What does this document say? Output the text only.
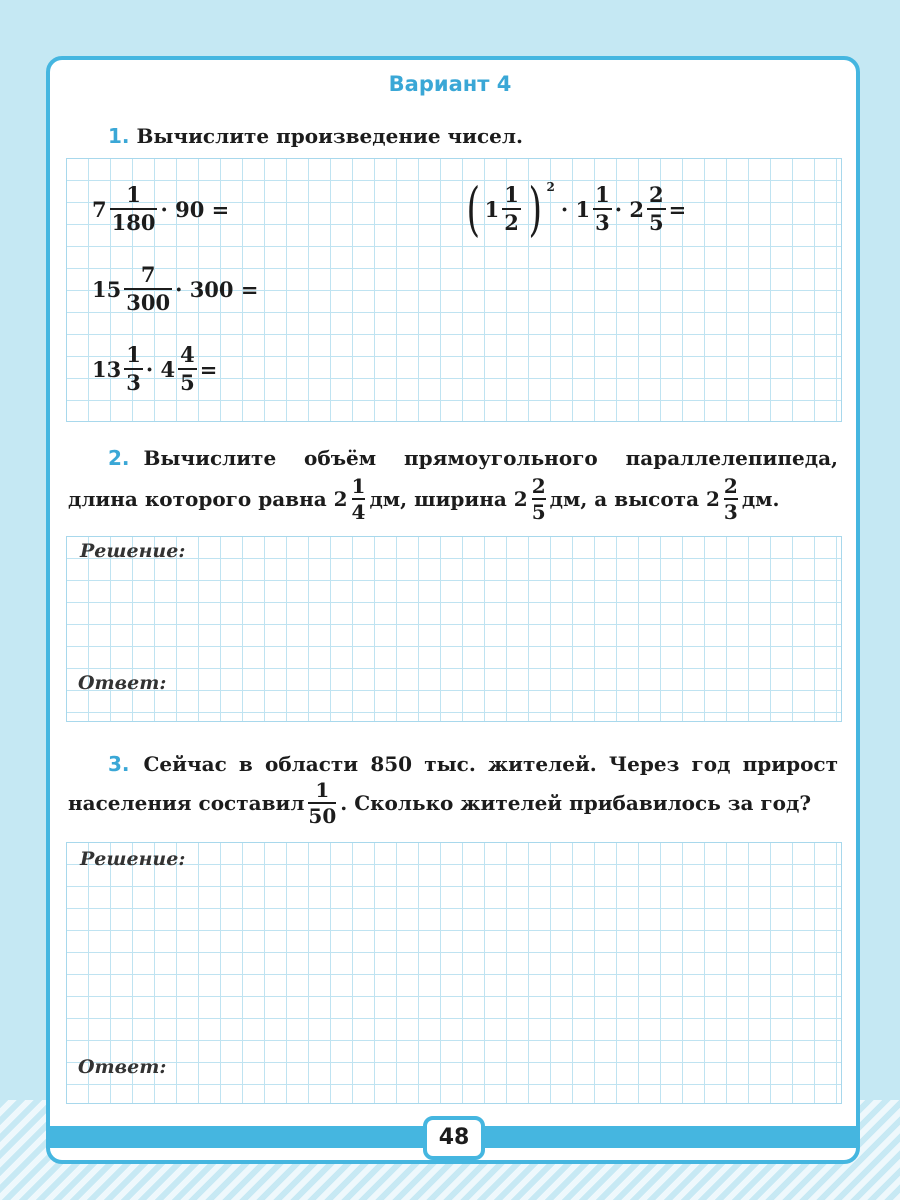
Вариант 4
1. Вычислите произведение чисел.
$7 \frac{1}{180} \cdot 90$ =
$15 \frac{7}{300} \cdot 300$ =
$13 \frac{1}{3} \cdot 4 \frac{4}{5}$ =
( $1 \frac{1}{2}$ ) 2
· $1 \frac{1}{3} \cdot 2 \frac{2}{5}$ =
2. Вычислите объём прямоугольного параллелепипеда,
длина которого равна $2 \frac{1}{4}$ дм, ширина $2 \frac{2}{5}$ дм, а высота $2 \frac{2}{3}$ дм.
Решение:
Ответ:
3. Сейчас в области 850 тыс. жителей. Через год прирост
населения составил $\frac{1}{50}$ . Сколько жителей прибавилось за год?
Решение:
Ответ:
48
